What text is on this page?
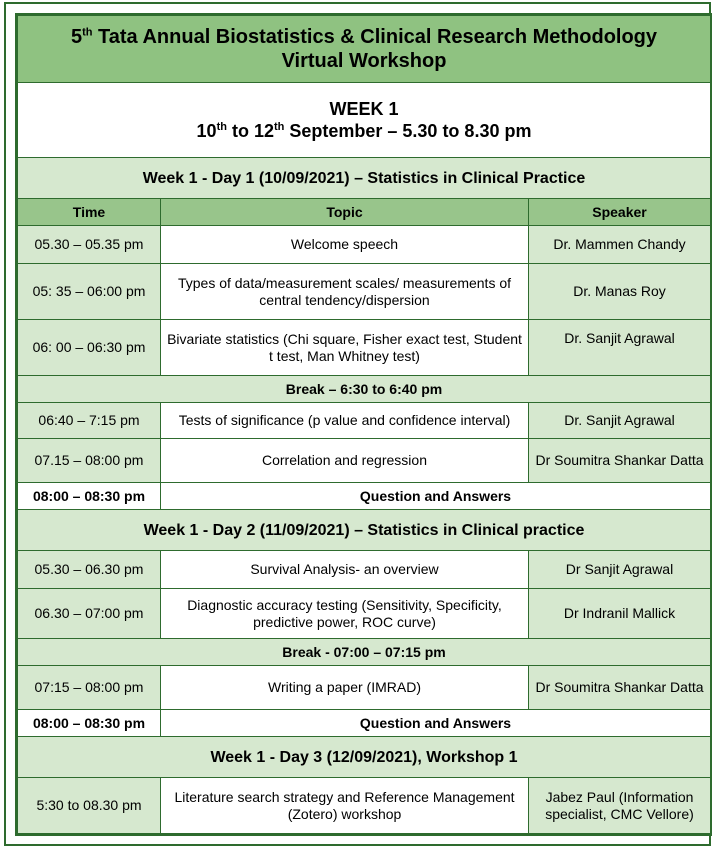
5th Tata Annual Biostatistics & Clinical Research Methodology
Virtual Workshop		
WEEK 1
10th to 12th September – 5.30 to 8.30 pm		
Week 1 - Day 1 (10/09/2021) – Statistics in Clinical Practice		
Time	Topic	Speaker
05.30 – 05.35 pm	Welcome speech	Dr. Mammen Chandy
05: 35 – 06:00 pm	Types of data/measurement scales/ measurements of central tendency/dispersion	Dr. Manas Roy
06: 00 – 06:30 pm	Bivariate statistics (Chi square, Fisher exact test, Student t test, Man Whitney test)	Dr. Sanjit Agrawal
Break – 6:30 to 6:40 pm		
06:40 – 7:15 pm	Tests of significance (p value and confidence interval)	Dr. Sanjit Agrawal
07.15 – 08:00 pm	Correlation and regression	Dr Soumitra Shankar Datta
08:00 – 08:30 pm	Question and Answers	
Week 1 - Day 2 (11/09/2021) – Statistics in Clinical practice		
05.30 – 06.30 pm	Survival Analysis- an overview	Dr Sanjit Agrawal
06.30 – 07:00 pm	Diagnostic accuracy testing (Sensitivity, Specificity, predictive power, ROC curve)	Dr Indranil Mallick
Break - 07:00 – 07:15 pm		
07:15 – 08:00 pm	Writing a paper (IMRAD)	Dr Soumitra Shankar Datta
08:00 – 08:30 pm	Question and Answers	
Week 1 - Day 3 (12/09/2021), Workshop 1		
5:30 to 08.30 pm	Literature search strategy and Reference Management (Zotero) workshop	Jabez Paul (Information specialist, CMC Vellore)
